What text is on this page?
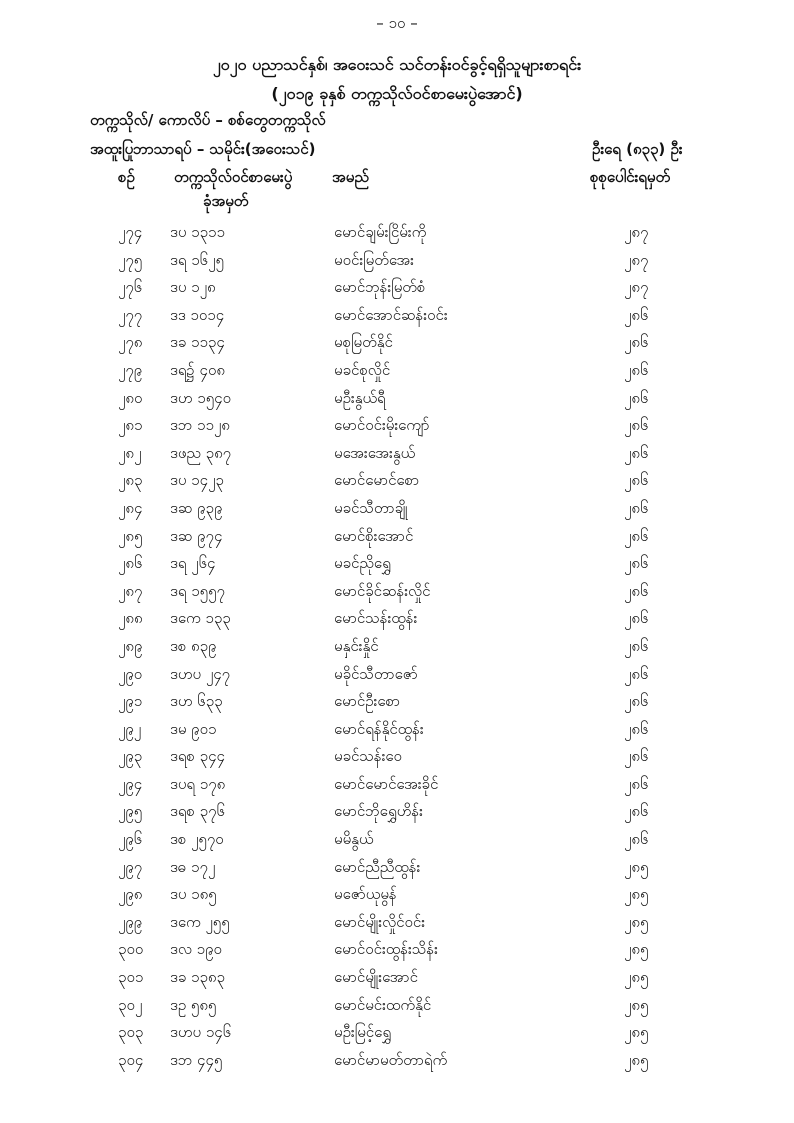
– ၁၀ –
၂၀၂၀ ပညာသင်နှစ်၊ အဝေးသင် သင်တန်းဝင်ခွင့်ရရှိသူများစာရင်း
(၂၀၁၉ ခုနှစ် တက္ကသိုလ်ဝင်စာမေးပွဲအောင်)
တက္ကသိုလ်/ ကောလိပ် – စစ်တွေတက္ကသိုလ်
အထူးပြုဘာသာရပ် – သမိုင်း(အဝေးသင်)	ဦးရေ (၈၃၃) ဦး
စဉ်	တက္ကသိုလ်ဝင်စာမေးပွဲ
ခုံအမှတ်
အမည်	စုစုပေါင်းရမှတ်
၂၇၄ ဒပ ၁၃၁၁	မောင်ချမ်းငြိမ်းကို	၂၈၇
၂၇၅ ဒရ ၁၆၂၅	မဝင်းမြတ်အေး	၂၈၇
၂၇၆ ဒပ ၁၂၈	မောင်ဘုန်းမြတ်စံ	၂၈၇
၂၇၇ ဒဒ ၁၀၁၄	မောင်အောင်ဆန်းဝင်း	၂၈၆
၂၇၈ ဒခ ၁၁၃၄	မစုမြတ်နိုင်	၂၈၆
၂၇၉ ဒရ၌ ၄၀၈	မခင်စုလှိုင်	၂၈၆
၂၈၀ ဒဟ ၁၅၄၀	မဦးနွယ်ရီ	၂၈၆
၂၈၁ ဒဘ ၁၁၂၈	မောင်ဝင်းမိုးကျော်	၂၈၆
၂၈၂ ဒဖည ၃၈၇	မအေးအေးနွယ်	၂၈၆
၂၈၃ ဒပ ၁၄၂၃	မောင်မောင်စော	၂၈၆
၂၈၄ ဒဆ ၉၃၉	မခင်သီတာချို	၂၈၆
၂၈၅ ဒဆ ၉၇၄	မောင်စိုးအောင်	၂၈၆
၂၈၆ ဒရ ၂၆၄	မခင်ညိုရွှေ	၂၈၆
၂၈၇ ဒရ ၁၅၅၇	မောင်ခိုင်ဆန်းလှိုင်	၂၈၆
၂၈၈ ဒကေ ၁၃၃	မောင်သန်းထွန်း	၂၈၆
၂၈၉ ဒစ ၈၃၉	မနှင်းနှိုင်	၂၈၆
၂၉၀ ဒဟပ ၂၄၇	မခိုင်သီတာဇော်	၂၈၆
၂၉၁ ဒဟ ၆၃၃	မောင်ဦးစော	၂၈၆
၂၉၂ ဒမ ၉၀၁	မောင်ရန်နိုင်ထွန်း	၂၈၆
၂၉၃ ဒရစ ၃၄၄	မခင်သန်းဝေ	၂၈၆
၂၉၄ ဒပရ ၁၇၈	မောင်မောင်အေးခိုင်	၂၈၆
၂၉၅ ဒရစ ၃၇၆	မောင်ဘိုရွှေဟိန်း	၂၈၆
၂၉၆ ဒစ ၂၅၇၀	မမိနွယ်	၂၈၆
၂၉၇ ဒဓ ၁၇၂	မောင်ညီညီထွန်း	၂၈၅
၂၉၈ ဒပ ၁၈၅	မဇော်ယုမွန်	၂၈၅
၂၉၉ ဒကေ ၂၅၅	မောင်မျိုးလှိုင်ဝင်း	၂၈၅
၃၀၀ ဒလ ၁၉၀	မောင်ဝင်းထွန်းသိန်း	၂၈၅
၃၀၁ ဒခ ၁၃၈၃	မောင်မျိုးအောင်	၂၈၅
၃၀၂ ဒဥ ၅၈၅	မောင်မင်းထက်နိုင်	၂၈၅
၃၀၃ ဒဟပ ၁၄၆	မဦးမြင့်ရွှေ	၂၈၅
၃၀၄ ဒဘ ၄၄၅	မောင်မာမတ်တာရဲက်	၂၈၅
